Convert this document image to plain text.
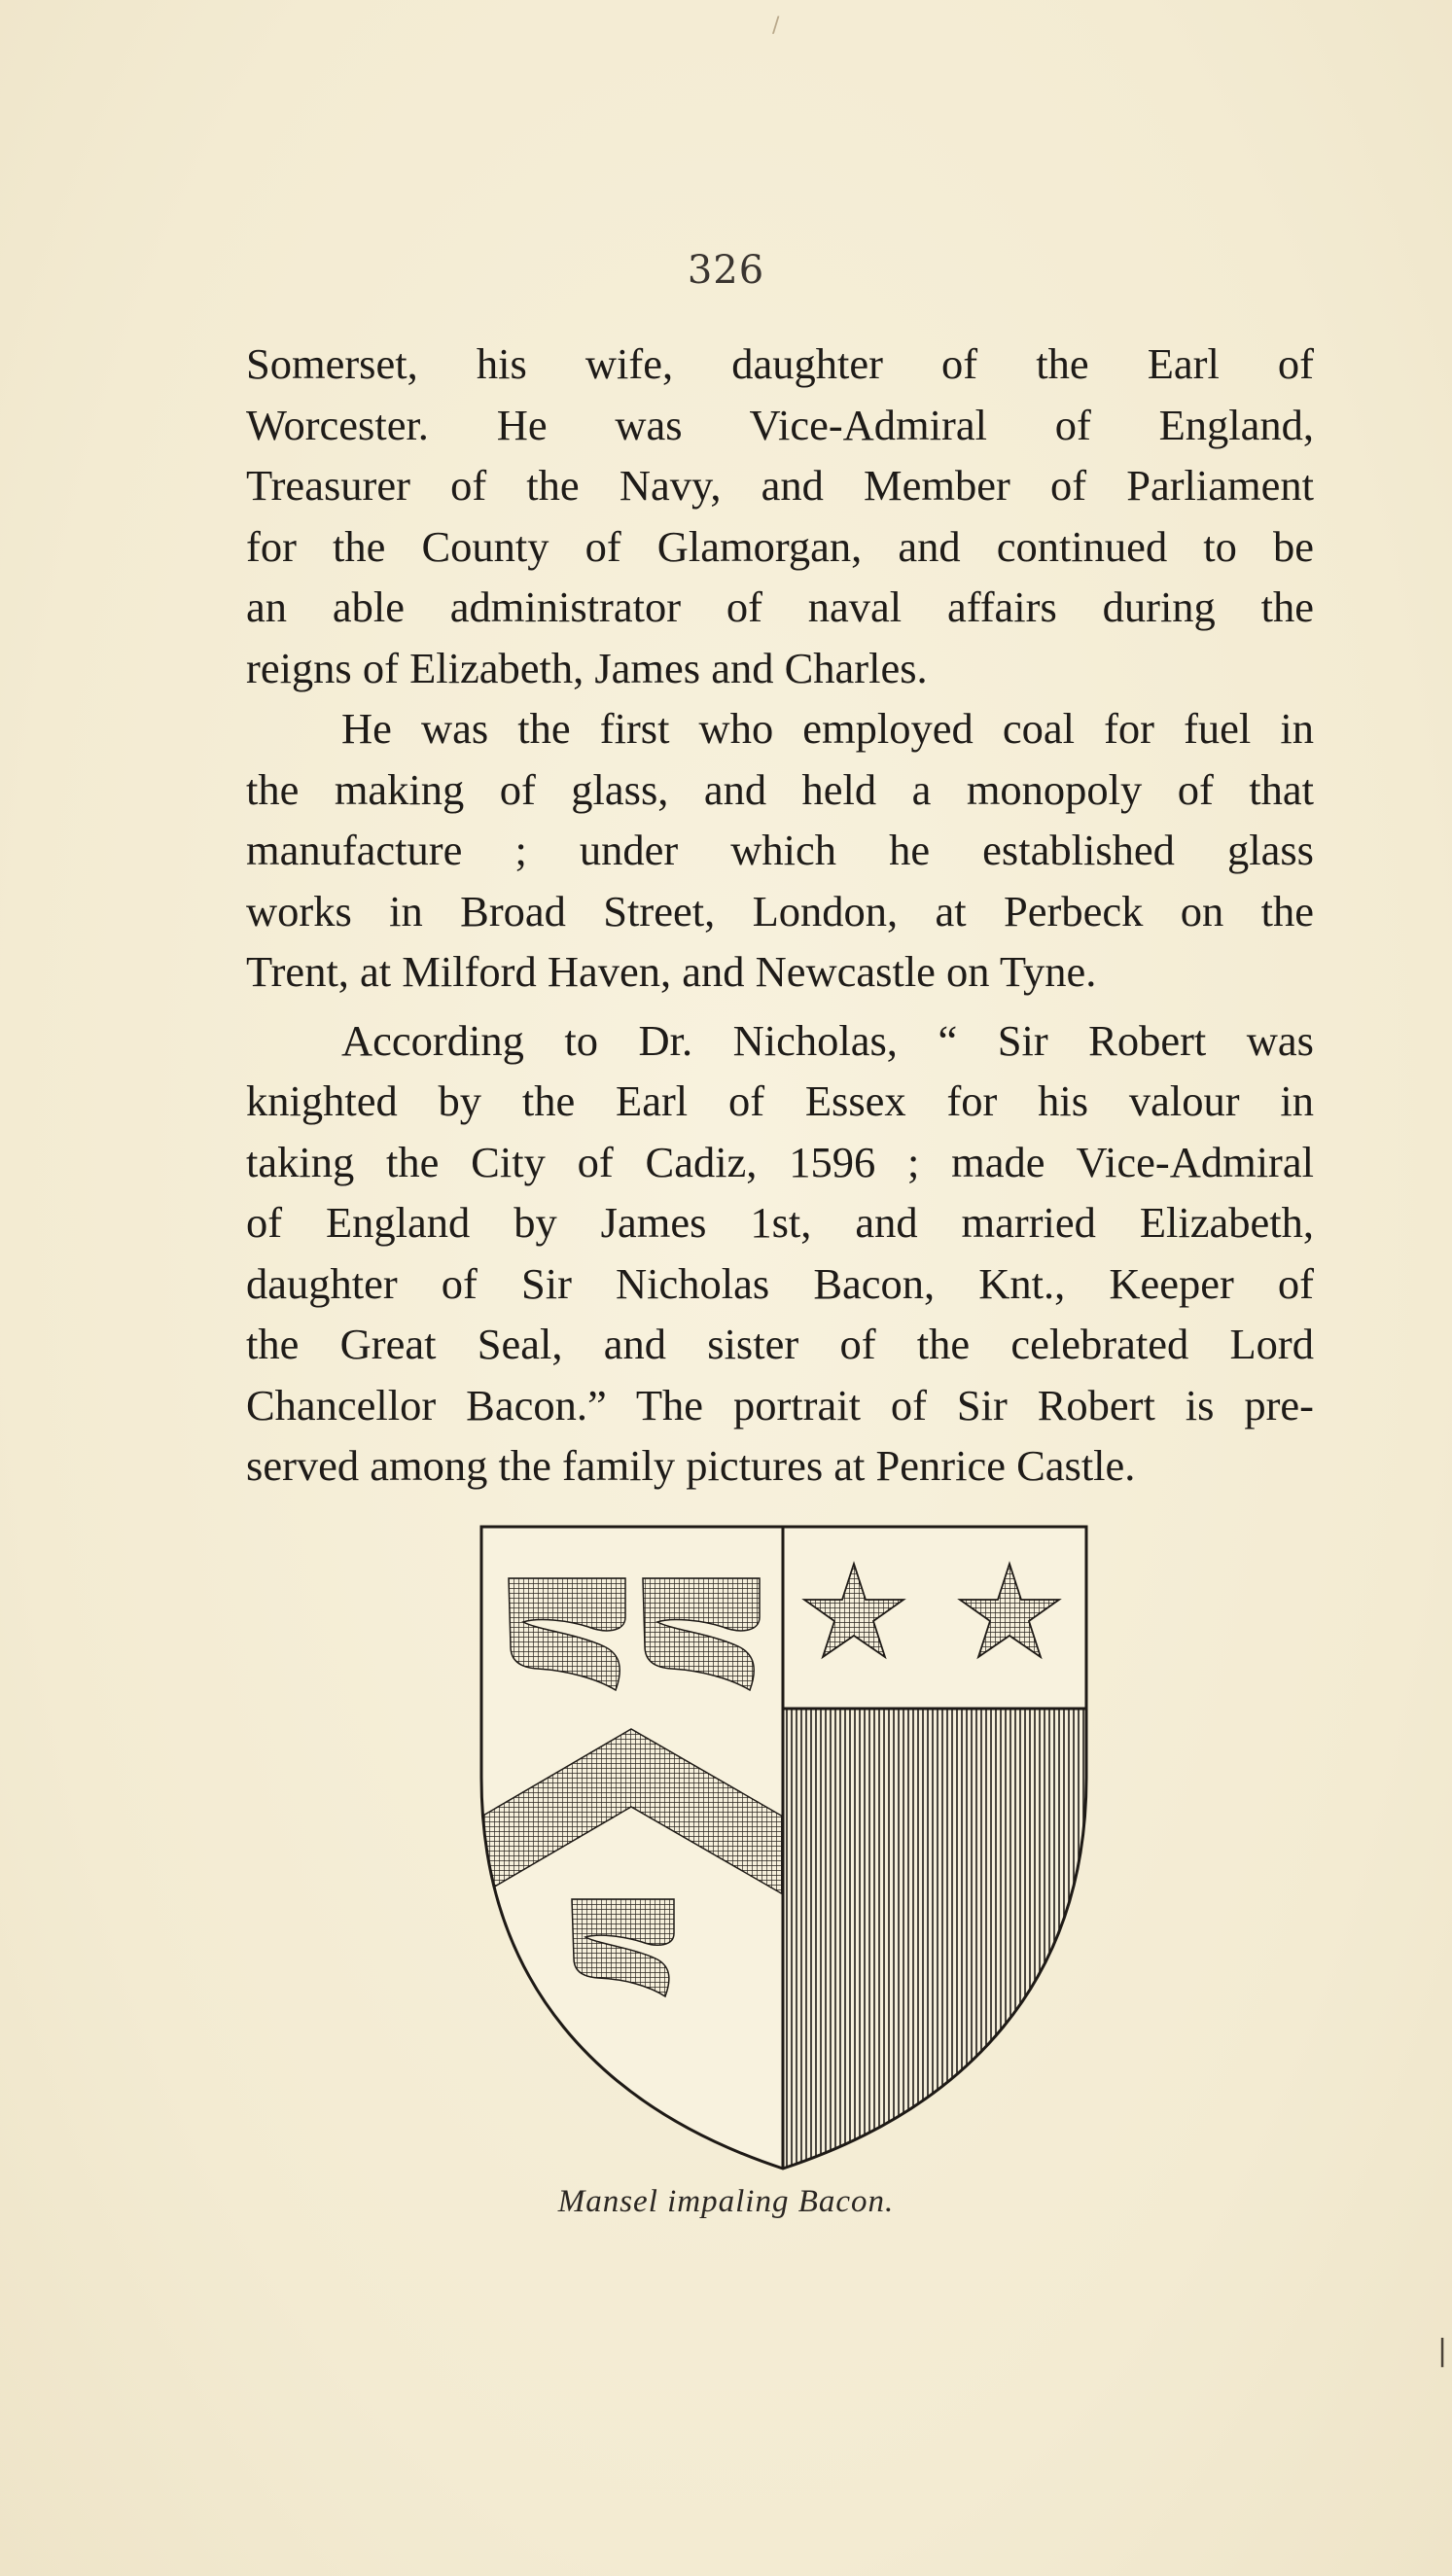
326

Somerset, his wife, daughter of the Earl of
Worcester. He was Vice-Admiral of England,
Treasurer of the Navy, and Member of Parliament
for the County of Glamorgan, and continued to be
an able administrator of naval affairs during the
reigns of Elizabeth, James and Charles.

He was the first who employed coal for fuel in
the making of glass, and held a monopoly of that
manufacture ; under which he established glass
works in Broad Street, London, at Perbeck on the
Trent, at Milford Haven, and Newcastle on Tyne.

According to Dr. Nicholas, “ Sir Robert was
knighted by the Earl of Essex for his valour in
taking the City of Cadiz, 1596 ; made Vice-Admiral
of England by James 1st, and married Elizabeth,
daughter of Sir Nicholas Bacon, Knt., Keeper of
the Great Seal, and sister of the celebrated Lord
Chancellor Bacon.” The portrait of Sir Robert is pre-
served among the family pictures at Penrice Castle.

Mansel impaling Bacon.
/
|
